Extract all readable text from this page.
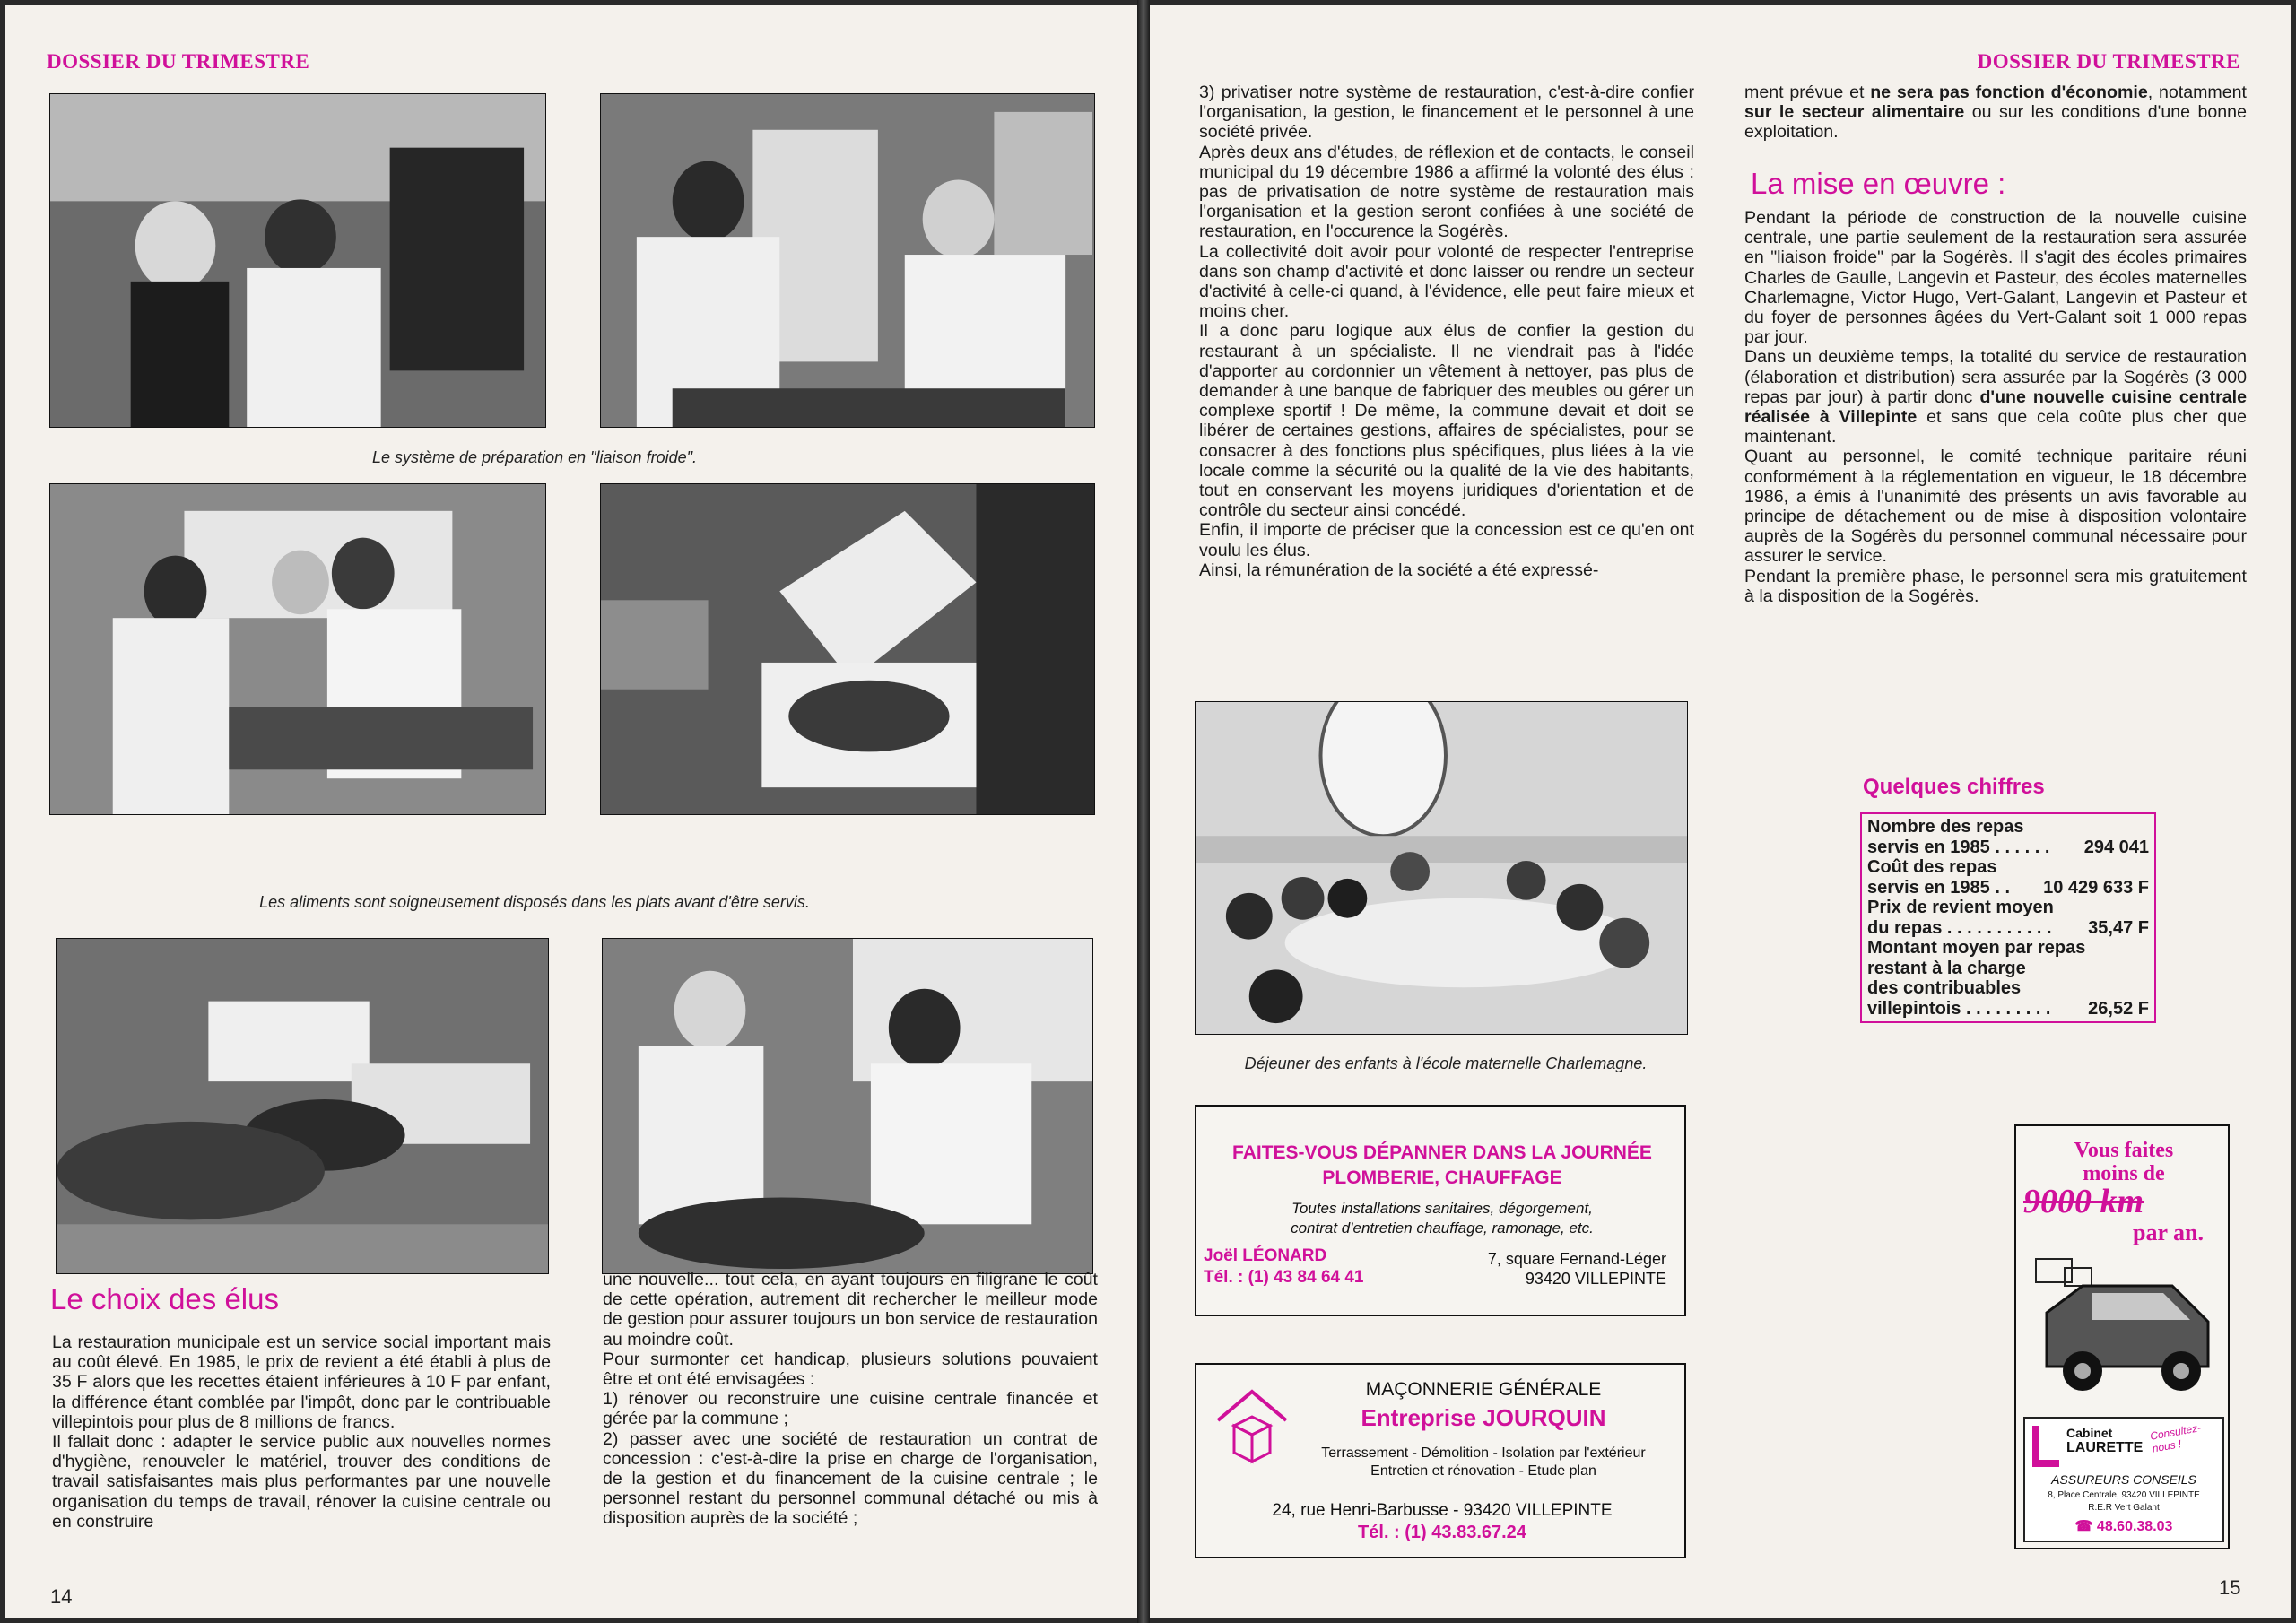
DOSSIER DU TRIMESTRE
Le système de préparation en "liaison froide".
Les aliments sont soigneusement disposés dans les plats avant d'être servis.
Le choix des élus

La restauration municipale est un service social important mais au coût élevé. En 1985, le prix de revient a été établi à plus de 35 F alors que les recettes étaient inférieures à 10 F par enfant, la différence étant comblée par l'impôt, donc par le contribuable villepintois pour plus de 8 millions de francs.

Il fallait donc : adapter le service public aux nouvelles normes d'hygiène, renouveler le matériel, trouver des conditions de travail satisfaisantes mais plus performantes par une nouvelle organisation du temps de travail, rénover la cuisine centrale ou en construire

une nouvelle... tout cela, en ayant toujours en filigrane le coût de cette opération, autrement dit rechercher le meilleur mode de gestion pour assurer toujours un bon service de restauration au moindre coût.

Pour surmonter cet handicap, plusieurs solutions pouvaient être et ont été envisagées :

1) rénover ou reconstruire une cuisine centrale financée et gérée par la commune ;

2) passer avec une société de restauration un contrat de concession : c'est-à-dire la prise en charge de l'organisation, de la gestion et du financement de la cuisine centrale ; le personnel restant du personnel communal détaché ou mis à disposition auprès de la société ;

14
DOSSIER DU TRIMESTRE

3) privatiser notre système de restauration, c'est-à-dire confier l'organisation, la gestion, le financement et le personnel à une société privée.

Après deux ans d'études, de réflexion et de contacts, le conseil municipal du 19 décembre 1986 a affirmé la volonté des élus : pas de privatisation de notre système de restauration mais l'organisation et la gestion seront confiées à une société de restauration, en l'occurence la Sogérès.

La collectivité doit avoir pour volonté de respecter l'entreprise dans son champ d'activité et donc laisser ou rendre un secteur d'activité à celle-ci quand, à l'évidence, elle peut faire mieux et moins cher.

Il a donc paru logique aux élus de confier la gestion du restaurant à un spécialiste. Il ne viendrait pas à l'idée d'apporter au cordonnier un vêtement à nettoyer, pas plus de demander à une banque de fabriquer des meubles ou gérer un complexe sportif ! De même, la commune devait et doit se libérer de certaines gestions, affaires de spécialistes, pour se consacrer à des fonctions plus spécifiques, plus liées à la vie locale comme la sécurité ou la qualité de la vie des habitants, tout en conservant les moyens juridiques d'orientation et de contrôle du secteur ainsi concédé.

Enfin, il importe de préciser que la concession est ce qu'en ont voulu les élus.

Ainsi, la rémunération de la société a été expressé-

ment prévue et ne sera pas fonction d'économie, notamment sur le secteur alimentaire ou sur les conditions d'une bonne exploitation.

La mise en œuvre :

Pendant la période de construction de la nouvelle cuisine centrale, une partie seulement de la restauration sera assurée en "liaison froide" par la Sogérès. Il s'agit des écoles primaires Charles de Gaulle, Langevin et Pasteur, des écoles maternelles Charlemagne, Victor Hugo, Vert-Galant, Langevin et Pasteur et du foyer de personnes âgées du Vert-Galant soit 1 000 repas par jour.

Dans un deuxième temps, la totalité du service de restauration (élaboration et distribution) sera assurée par la Sogérès (3 000 repas par jour) à partir donc d'une nouvelle cuisine centrale réalisée à Villepinte et sans que cela coûte plus cher que maintenant.

Quant au personnel, le comité technique paritaire réuni conformément à la réglementation en vigueur, le 18 décembre 1986, a émis à l'unanimité des présents un avis favorable au principe de détachement ou de mise à disposition volontaire auprès de la Sogérès du personnel communal nécessaire pour assurer le service.

Pendant la première phase, le personnel sera mis gratuitement à la disposition de la Sogérès.

Déjeuner des enfants à l'école maternelle Charlemagne.
Quelques chiffres
Nombre des repas
servis en 1985 . . . . . . 294 041
Coût des repas
servis en 1985 . . 10 429 633 F
Prix de revient moyen
du repas . . . . . . . . . . . 35,47 F
Montant moyen par repas
restant à la charge
des contribuables
villepintois . . . . . . . . . 26,52 F
FAITES-VOUS DÉPANNER DANS LA JOURNÉE
PLOMBERIE, CHAUFFAGE
Toutes installations sanitaires, dégorgement,
contrat d'entretien chauffage, ramonage, etc.
Joël LÉONARD
Tél. : (1) 43 84 64 41
7, square Fernand-Léger
93420 VILLEPINTE
MAÇONNERIE GÉNÉRALE
Entreprise JOURQUIN
Terrassement - Démolition - Isolation par l'extérieur
Entretien et rénovation - Etude plan
24, rue Henri-Barbusse - 93420 VILLEPINTE
Tél. : (1) 43.83.67.24
Vous faites
moins de
9000 km
par an.
Cabinet
LAURETTE
Consultez-nous !
ASSUREURS CONSEILS
8, Place Centrale, 93420 VILLEPINTE
R.E.R Vert Galant
☎ 48.60.38.03
15
